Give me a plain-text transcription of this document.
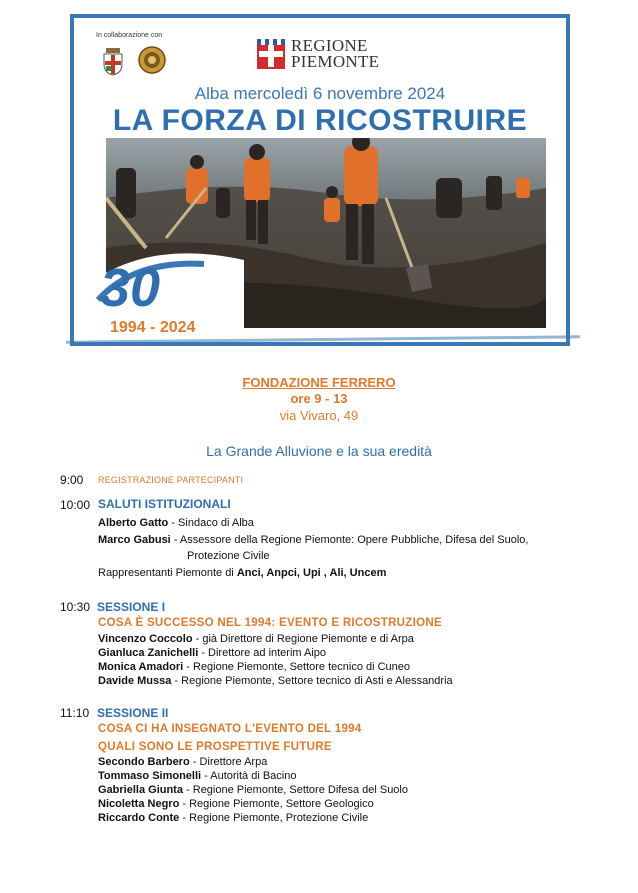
In collaborazione con
REGIONE
PIEMONTE
Alba mercoledì 6 novembre 2024
LA FORZA DI RICOSTRUIRE
30
1994 - 2024
FONDAZIONE FERRERO
ore 9 - 13
via Vivaro, 49
La Grande Alluvione e la sua eredità
9:00 REGISTRAZIONE PARTECIPANTI
10:00 SALUTI ISTITUZIONALI
Alberto Gatto - Sindaco di Alba
Marco Gabusi - Assessore della Regione Piemonte: Opere Pubbliche, Difesa del Suolo,
Protezione Civile
Rappresentanti Piemonte di Anci, Anpci, Upi , Ali, Uncem
10:30 SESSIONE I
COSA È SUCCESSO NEL 1994: EVENTO E RICOSTRUZIONE
Vincenzo Coccolo - già Direttore di Regione Piemonte e di Arpa
Gianluca Zanichelli - Direttore ad interim Aipo
Monica Amadori - Regione Piemonte, Settore tecnico di Cuneo
Davide Mussa - Regione Piemonte, Settore tecnico di Asti e Alessandria
11:10 SESSIONE II
COSA CI HA INSEGNATO L'EVENTO DEL 1994
QUALI SONO LE PROSPETTIVE FUTURE
Secondo Barbero - Direttore Arpa
Tommaso Simonelli - Autorità di Bacino
Gabriella Giunta - Regione Piemonte, Settore Difesa del Suolo
Nicoletta Negro - Regione Piemonte, Settore Geologico
Riccardo Conte - Regione Piemonte, Protezione Civile
